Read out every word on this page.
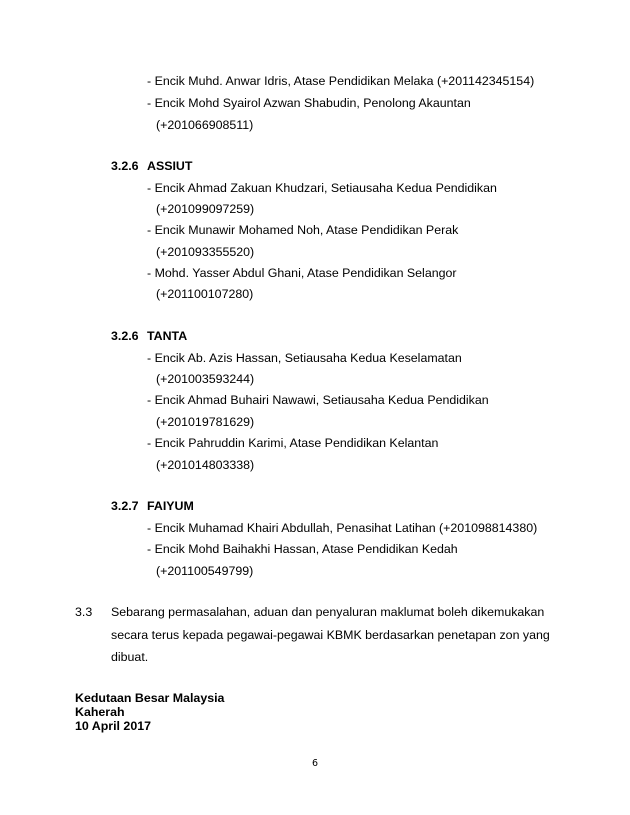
- Encik Muhd. Anwar Idris, Atase Pendidikan Melaka (+201142345154)
- Encik Mohd Syairol Azwan Shabudin, Penolong Akauntan
(+201066908511)
3.2.6 ASSIUT
- Encik Ahmad Zakuan Khudzari, Setiausaha Kedua Pendidikan
(+201099097259)
- Encik Munawir Mohamed Noh, Atase Pendidikan Perak
(+201093355520)
- Mohd. Yasser Abdul Ghani, Atase Pendidikan Selangor
(+201100107280)
3.2.6 TANTA
- Encik Ab. Azis Hassan, Setiausaha Kedua Keselamatan
(+201003593244)
- Encik Ahmad Buhairi Nawawi, Setiausaha Kedua Pendidikan
(+201019781629)
- Encik Pahruddin Karimi, Atase Pendidikan Kelantan
(+201014803338)
3.2.7 FAIYUM
- Encik Muhamad Khairi Abdullah, Penasihat Latihan (+201098814380)
- Encik Mohd Baihakhi Hassan, Atase Pendidikan Kedah
(+201100549799)
3.3 Sebarang permasalahan, aduan dan penyaluran maklumat boleh dikemukakan
secara terus kepada pegawai-pegawai KBMK berdasarkan penetapan zon yang
dibuat.
Kedutaan Besar Malaysia
Kaherah
10 April 2017
6
